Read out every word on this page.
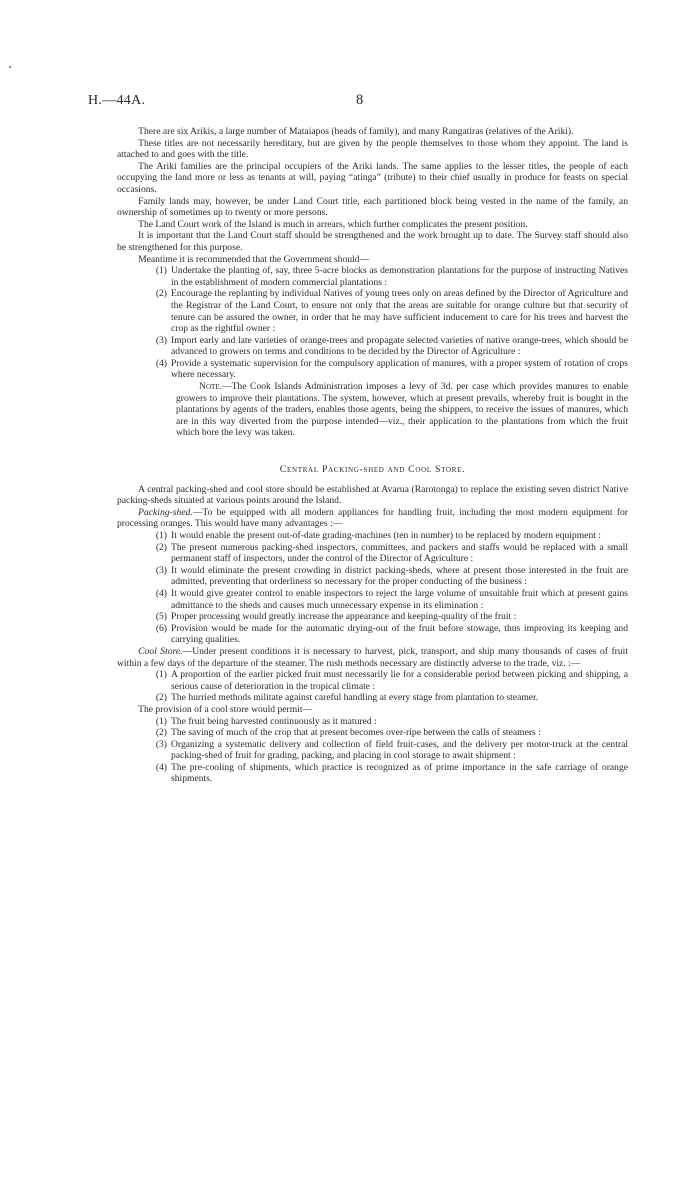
H.—44A.	8

There are six Arikis, a large number of Mataiapos (heads of family), and many Rangatiras (relatives of the Ariki).

These titles are not necessarily hereditary, but are given by the people themselves to those whom they appoint. The land is attached to and goes with the title.

The Ariki families are the principal occupiers of the Ariki lands. The same applies to the lesser titles, the people of each occupying the land more or less as tenants at will, paying “atinga” (tribute) to their chief usually in produce for feasts on special occasions.

Family lands may, however, be under Land Court title, each partitioned block being vested in the name of the family, an ownership of sometimes up to twenty or more persons.

The Land Court work of the Island is much in arrears, which further complicates the present position.

It is important that the Land Court staff should be strengthened and the work brought up to date. The Survey staff should also be strengthened for this purpose.

Meantime it is recommended that the Government should—

(1) Undertake the planting of, say, three 5-acre blocks as demonstration plantations for the purpose of instructing Natives in the establishment of modern commercial plantations :
(2) Encourage the replanting by individual Natives of young trees only on areas defined by the Director of Agriculture and the Registrar of the Land Court, to ensure not only that the areas are suitable for orange culture but that security of tenure can be assured the owner, in order that he may have sufficient inducement to care for his trees and harvest the crop as the rightful owner :
(3) Import early and late varieties of orange-trees and propagate selected varieties of native orange-trees, which should be advanced to growers on terms and conditions to be decided by the Director of Agriculture :
(4) Provide a systematic supervision for the compulsory application of manures, with a proper system of rotation of crops where necessary.

Note.—The Cook Islands Administration imposes a levy of 3d. per case which provides manures to enable growers to improve their plantations. The system, however, which at present prevails, whereby fruit is bought in the plantations by agents of the traders, enables those agents, being the shippers, to receive the issues of manures, which are in this way diverted from the purpose intended—viz., their application to the plantations from which the fruit which bore the levy was taken.

Central Packing-shed and Cool Store.

A central packing-shed and cool store should be established at Avarua (Rarotonga) to replace the existing seven district Native packing-sheds situated at various points around the Island.

Packing-shed.—To be equipped with all modern appliances for handling fruit, including the most modern equipment for processing oranges. This would have many advantages :—

(1) It would enable the present out-of-date grading-machines (ten in number) to be replaced by modern equipment :
(2) The present numerous packing-shed inspectors, committees, and packers and staffs would be replaced with a small permanent staff of inspectors, under the control of the Director of Agriculture :
(3) It would eliminate the present crowding in district packing-sheds, where at present those interested in the fruit are admitted, preventing that orderliness so necessary for the proper conducting of the business :
(4) It would give greater control to enable inspectors to reject the large volume of unsuitable fruit which at present gains admittance to the sheds and causes much unnecessary expense in its elimination :
(5) Proper processing would greatly increase the appearance and keeping-quality of the fruit :
(6) Provision would be made for the automatic drying-out of the fruit before stowage, thus improving its keeping and carrying qualities.

Cool Store.—Under present conditions it is necessary to harvest, pick, transport, and ship many thousands of cases of fruit within a few days of the departure of the steamer. The rush methods necessary are distinctly adverse to the trade, viz. :—

(1) A proportion of the earlier picked fruit must necessarily lie for a considerable period between picking and shipping, a serious cause of deterioration in the tropical climate :
(2) The hurried methods militate against careful handling at every stage from plantation to steamer.

The provision of a cool store would permit—

(1) The fruit being harvested continuously as it matured :
(2) The saving of much of the crop that at present becomes over-ripe between the calls of steamers :
(3) Organizing a systematic delivery and collection of field fruit-cases, and the delivery per motor-truck at the central packing-shed of fruit for grading, packing, and placing in cool storage to await shipment :
(4) The pre-cooling of shipments, which practice is recognized as of prime importance in the safe carriage of orange shipments.
